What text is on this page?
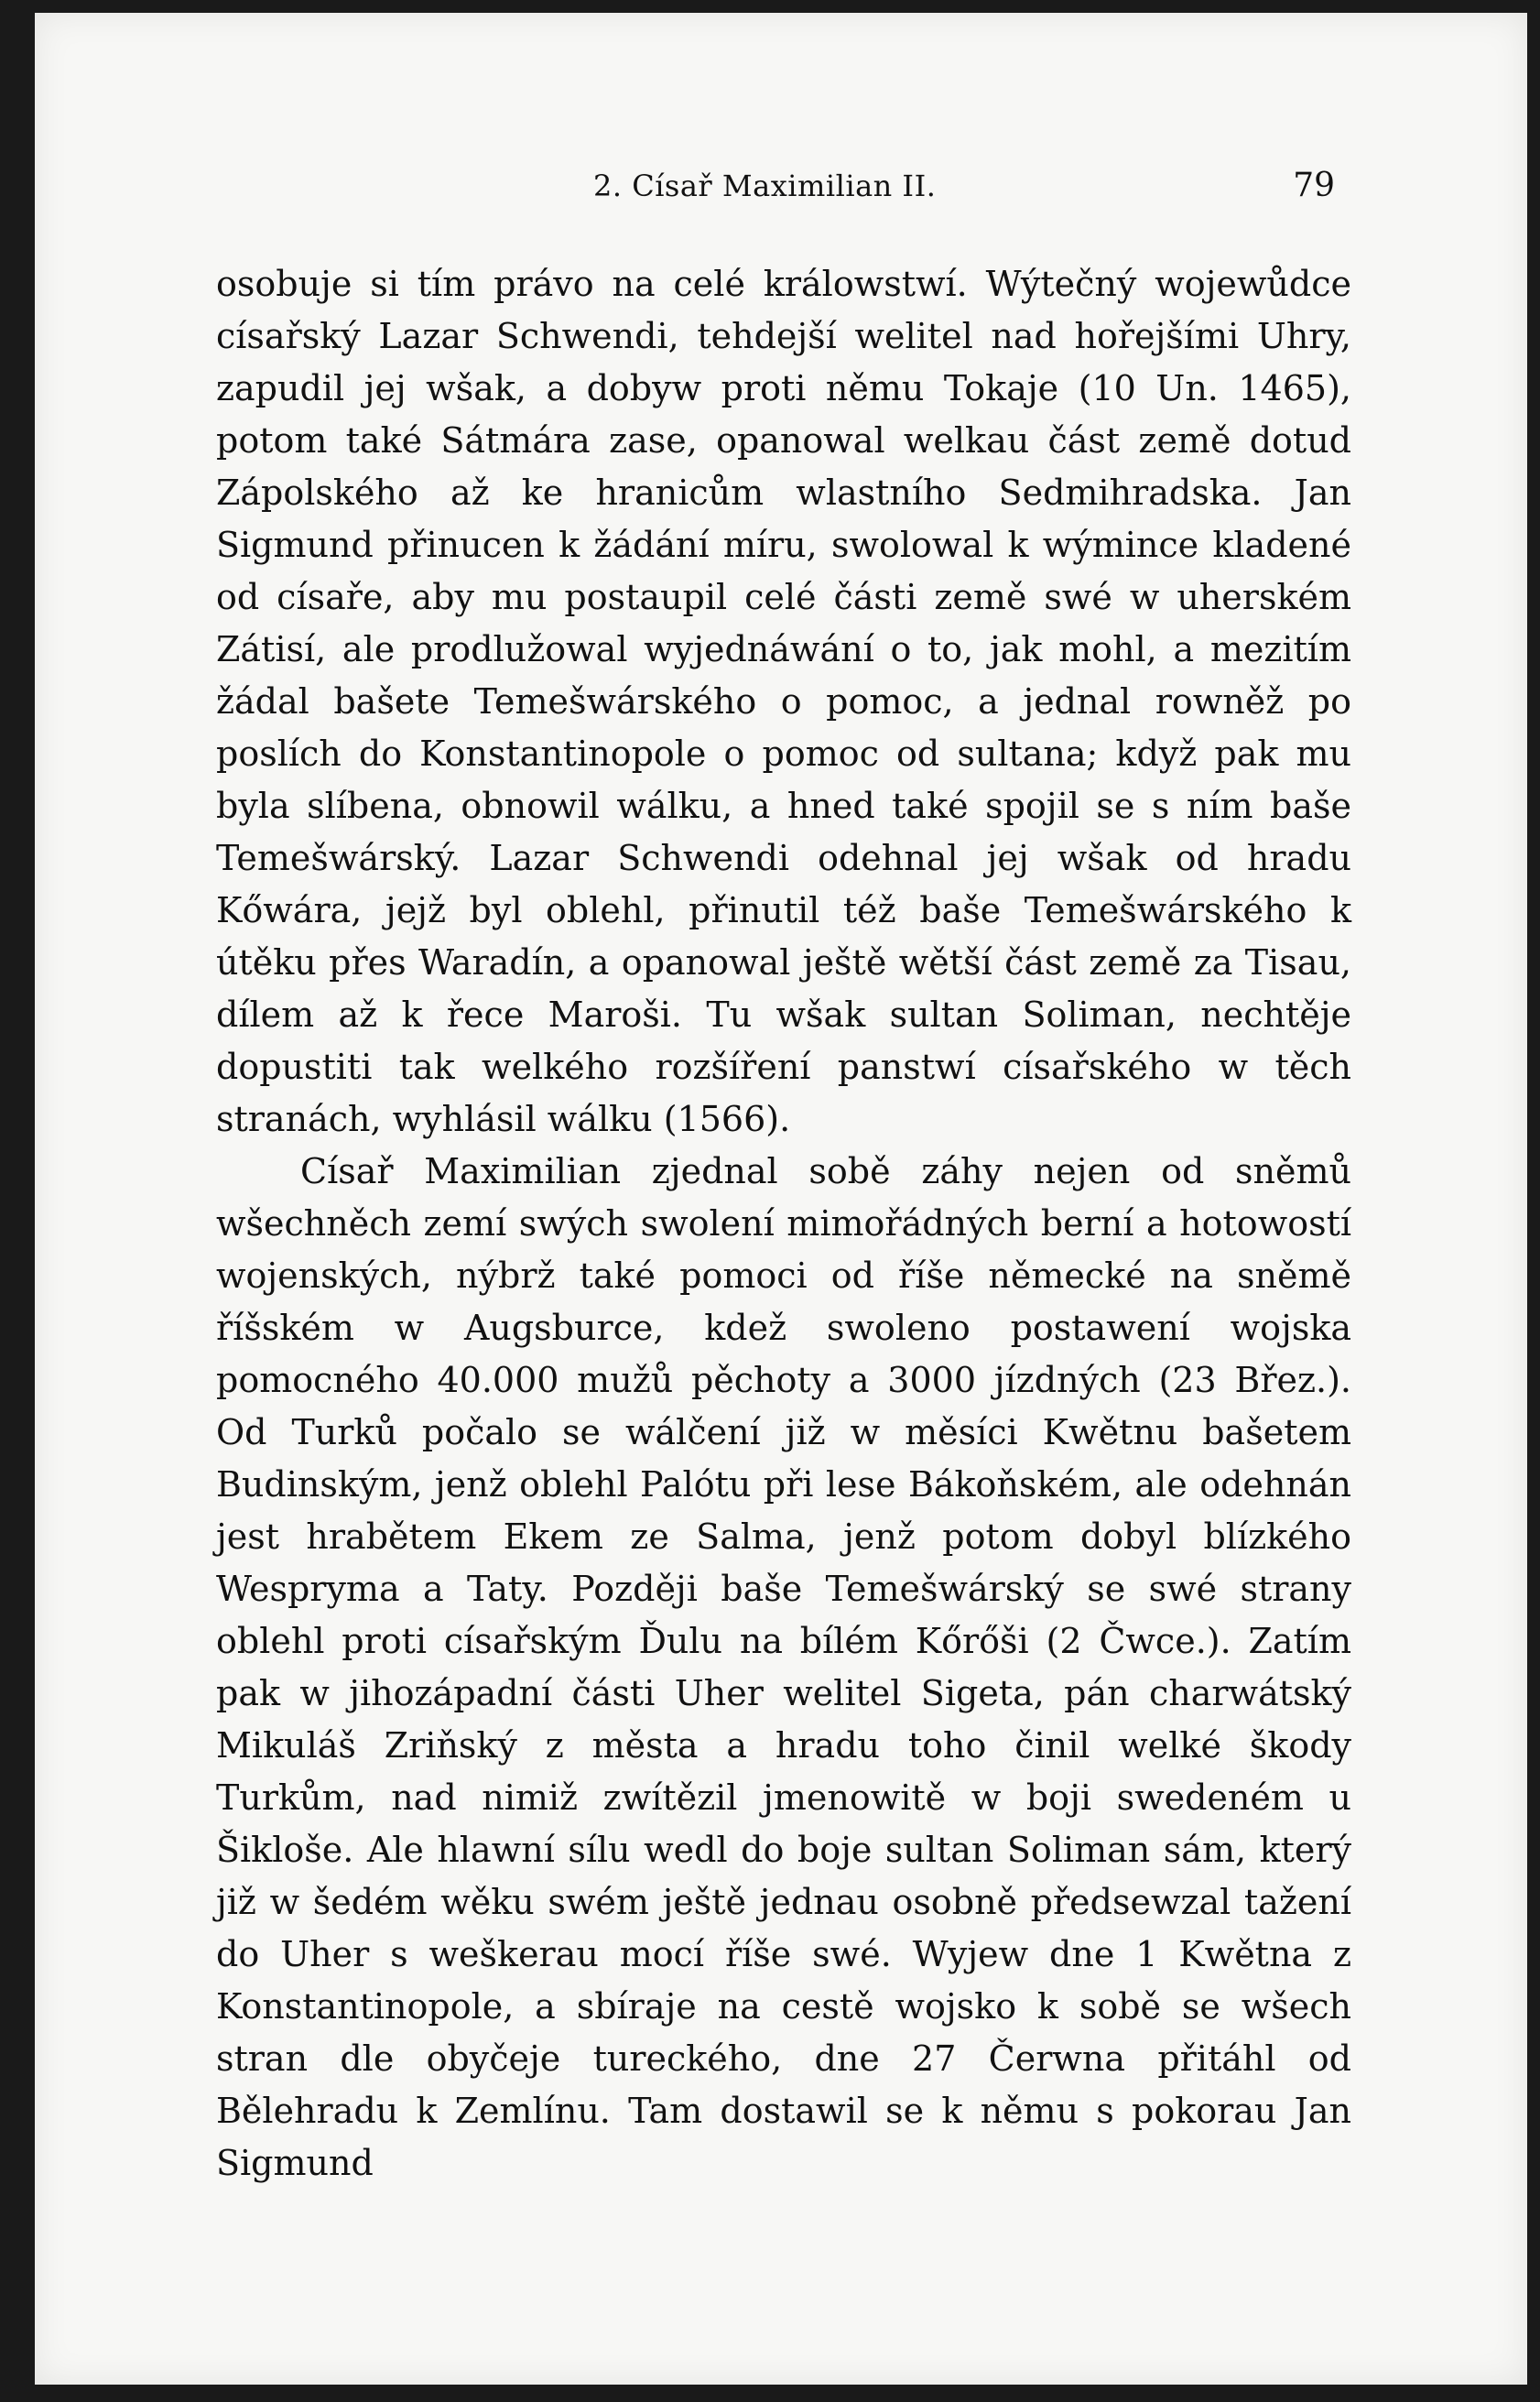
2. Císař Maximilian II.	79

osobuje si tím právo na celé králowstwí. Wýtečný wojewůdce císařský Lazar Schwendi, tehdejší welitel nad hořejšími Uhry, zapudil jej wšak, a dobyw proti němu Tokaje (10 Un. 1465), potom také Sátmára zase, opanowal welkau část země dotud Zápolského až ke hranicům wlastního Sedmihradska. Jan Sigmund přinucen k žádání míru, swolowal k wýmince kladené od císaře, aby mu postaupil celé části země swé w uherském Zátisí, ale prodlužowal wyjednáwání o to, jak mohl, a mezitím žádal bašete Temešwárského o pomoc, a jednal rowněž po poslích do Konstantinopole o pomoc od sultana; když pak mu byla slíbena, obnowil wálku, a hned také spojil se s ním baše Temešwárský. Lazar Schwendi odehnal jej wšak od hradu Kőwára, jejž byl oblehl, přinutil též baše Temešwárského k útěku přes Waradín, a opanowal ještě wětší část země za Tisau, dílem až k řece Maroši. Tu wšak sultan Soliman, nechtěje dopustiti tak welkého rozšíření panstwí císařského w těch stranách, wyhlásil wálku (1566).

Císař Maximilian zjednal sobě záhy nejen od sněmů wšechněch zemí swých swolení mimořádných berní a hotowostí wojenských, nýbrž také pomoci od říše německé na sněmě říšském w Augsburce, kdež swoleno postawení wojska pomocného 40.000 mužů pěchoty a 3000 jízdných (23 Břez.). Od Turků počalo se wálčení již w měsíci Kwětnu bašetem Budinským, jenž oblehl Palótu při lese Bákoňském, ale odehnán jest hrabětem Ekem ze Salma, jenž potom dobyl blízkého Wespryma a Taty. Později baše Temešwárský se swé strany oblehl proti císařským Ďulu na bílém Kőrőši (2 Čwce.). Zatím pak w jihozápadní části Uher welitel Sigeta, pán charwátský Mikuláš Zriňský z města a hradu toho činil welké škody Turkům, nad nimiž zwítězil jmenowitě w boji swedeném u Šikloše. Ale hlawní sílu wedl do boje sultan Soliman sám, který již w šedém wěku swém ještě jednau osobně předsewzal tažení do Uher s weškerau mocí říše swé. Wyjew dne 1 Kwětna z Konstantinopole, a sbíraje na cestě wojsko k sobě se wšech stran dle obyčeje tureckého, dne 27 Čerwna přitáhl od Bělehradu k Zemlínu. Tam dostawil se k němu s pokorau Jan Sigmund
